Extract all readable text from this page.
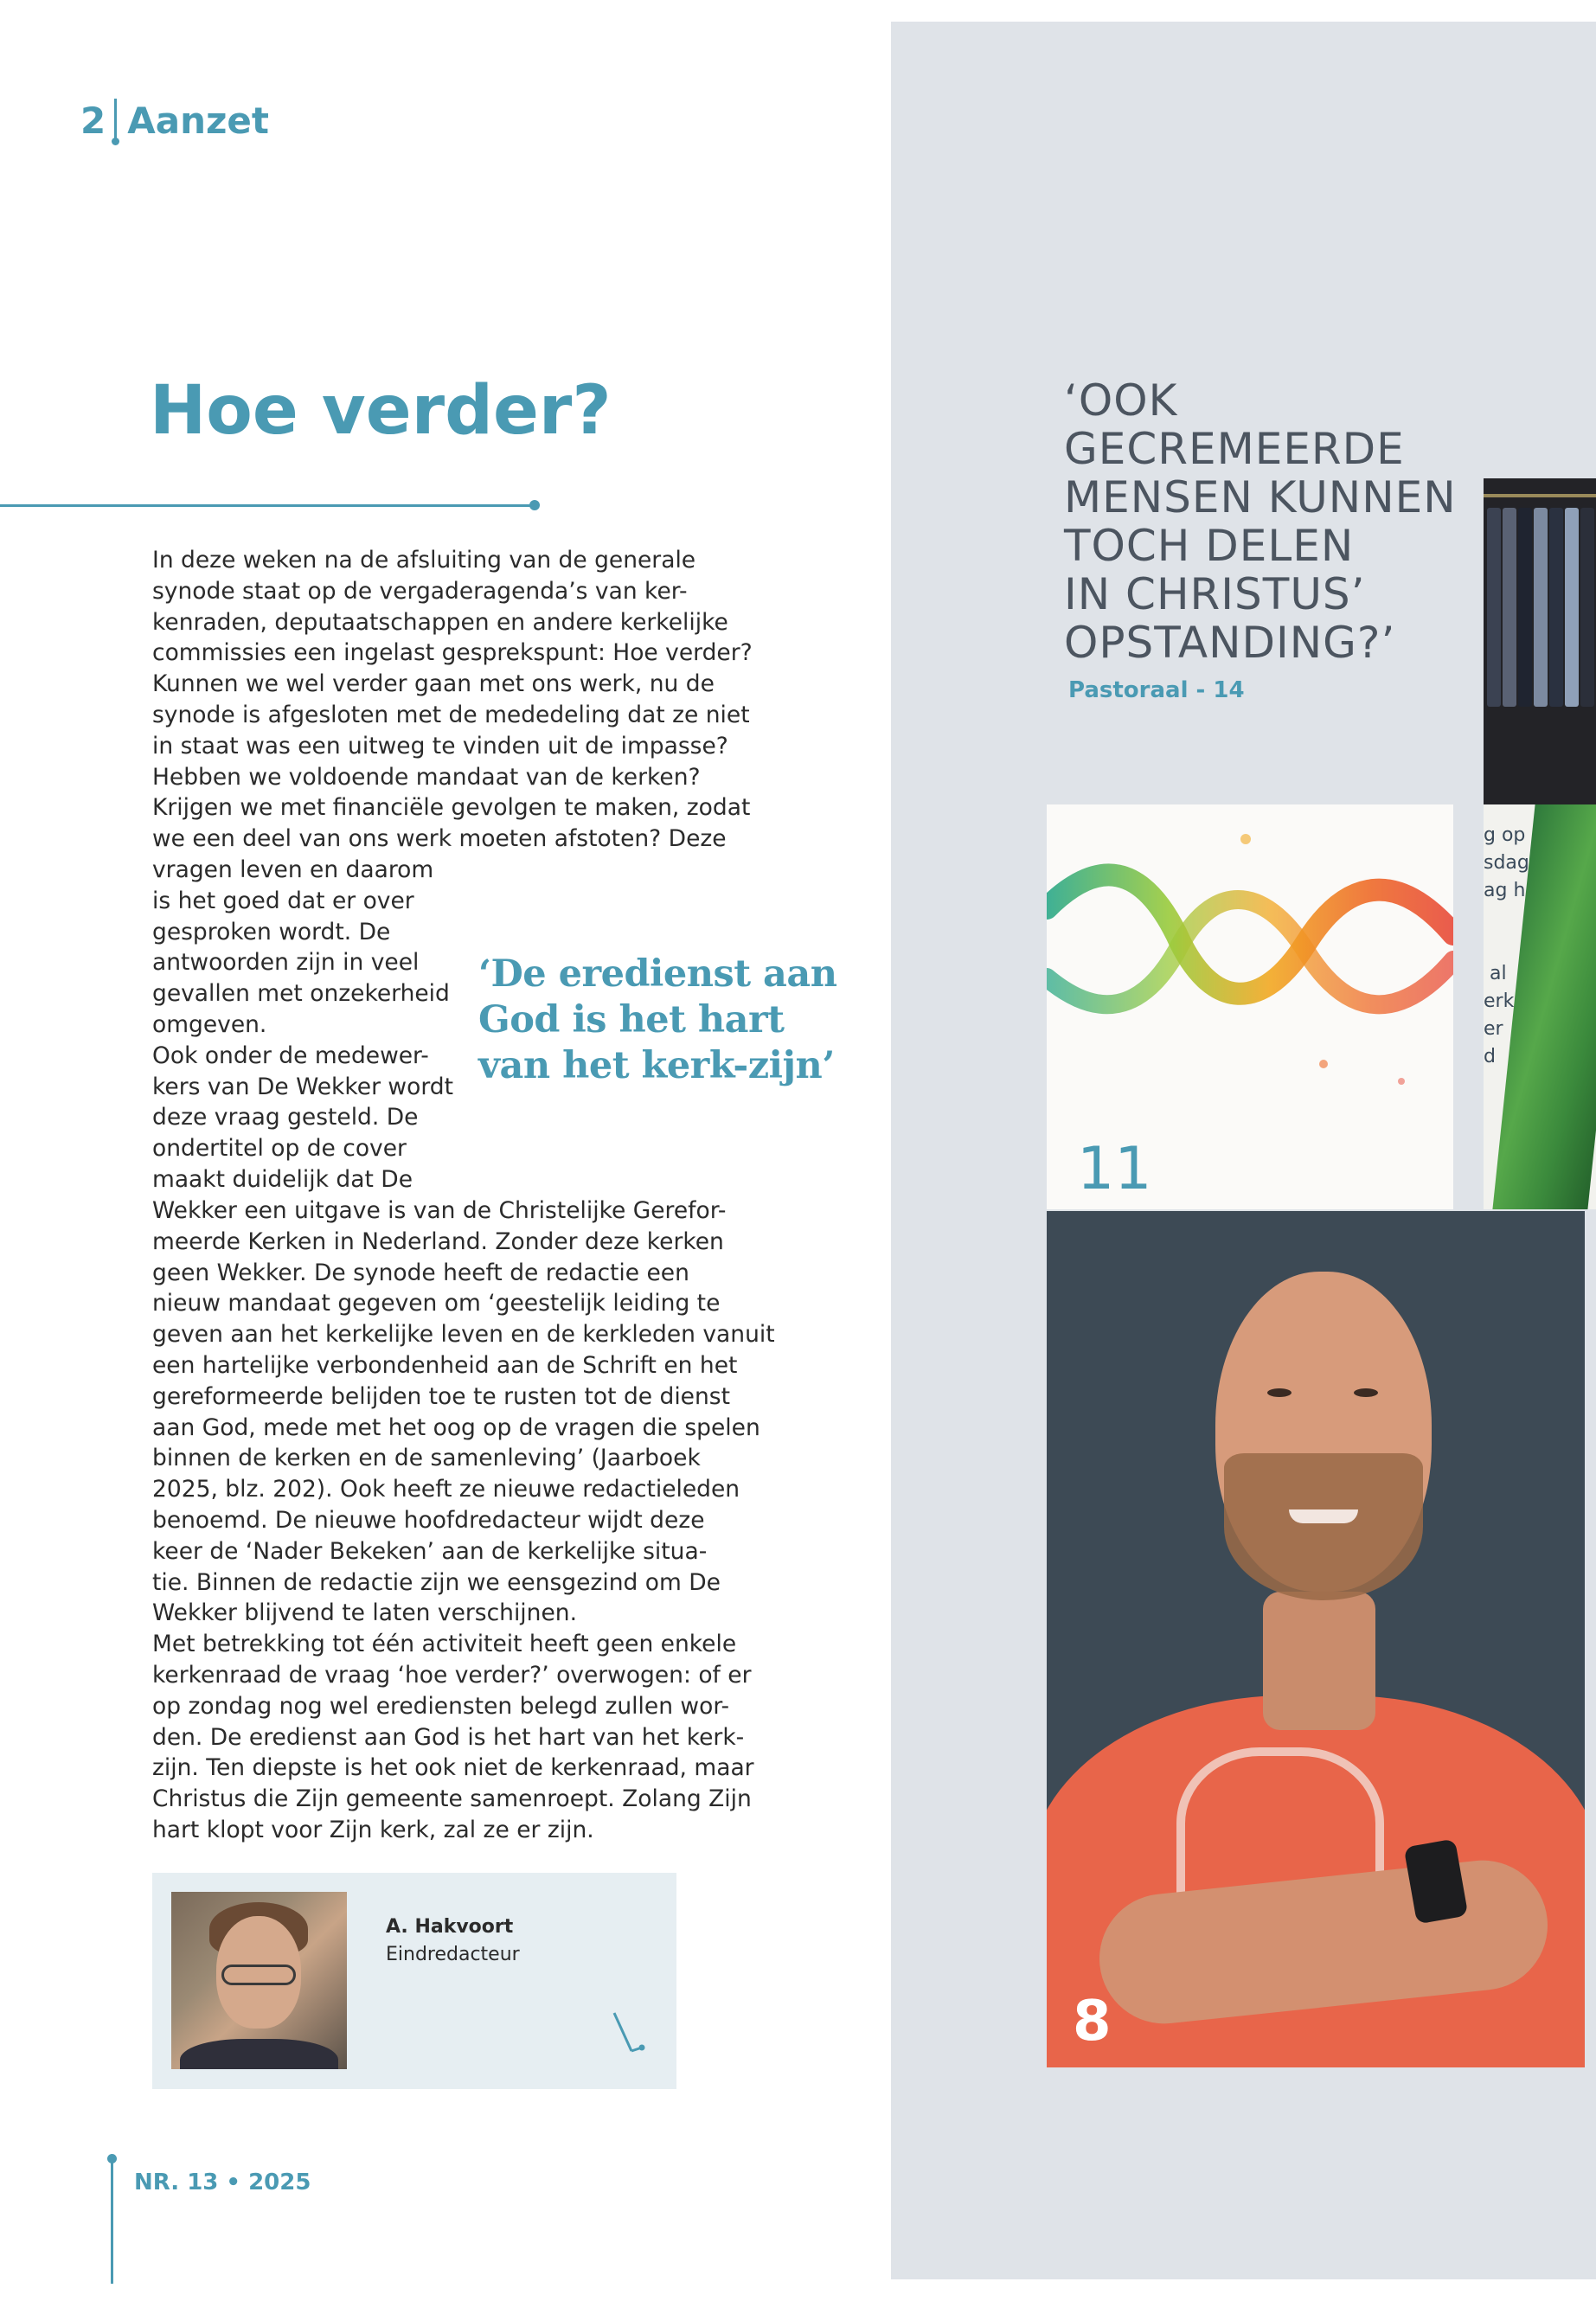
2 Aanzet
Hoe verder?

In deze weken na de afsluiting van de generale
synode staat op de vergaderagenda’s van ker-
kenraden, deputaatschappen en andere kerkelijke
commissies een ingelast gesprekspunt: Hoe verder?
Kunnen we wel verder gaan met ons werk, nu de
synode is afgesloten met de mededeling dat ze niet
in staat was een uitweg te vinden uit de impasse?
Hebben we voldoende mandaat van de kerken?
Krijgen we met financiële gevolgen te maken, zodat
we een deel van ons werk moeten afstoten? Deze

vragen leven en daarom
is het goed dat er over
gesproken wordt. De
antwoorden zijn in veel
gevallen met onzekerheid
omgeven.
Ook onder de medewer-
kers van De Wekker wordt
deze vraag gesteld. De
ondertitel op de cover
maakt duidelijk dat De

Wekker een uitgave is van de Christelijke Gerefor-
meerde Kerken in Nederland. Zonder deze kerken
geen Wekker. De synode heeft de redactie een
nieuw mandaat gegeven om ‘geestelijk leiding te
geven aan het kerkelijke leven en de kerkleden vanuit
een hartelijke verbondenheid aan de Schrift en het
gereformeerde belijden toe te rusten tot de dienst
aan God, mede met het oog op de vragen die spelen
binnen de kerken en de samenleving’ (Jaarboek
2025, blz. 202). Ook heeft ze nieuwe redactieleden
benoemd. De nieuwe hoofdredacteur wijdt deze
keer de ‘Nader Bekeken’ aan de kerkelijke situa-
tie. Binnen de redactie zijn we eensgezind om De
Wekker blijvend te laten verschijnen.
Met betrekking tot één activiteit heeft geen enkele
kerkenraad de vraag ‘hoe verder?’ overwogen: of er
op zondag nog wel erediensten belegd zullen wor-
den. De eredienst aan God is het hart van het kerk-
zijn. Ten diepste is het ook niet de kerkenraad, maar
Christus die Zijn gemeente samenroept. Zolang Zijn
hart klopt voor Zijn kerk, zal ze er zijn.

‘De eredienst aan
God is het hart
van het kerk-zijn’

A. Hakvoort
Eindredacteur
NR. 13 • 2025

‘OOK
GECREMEERDE
MENSEN KUNNEN
TOCH DELEN
IN CHRISTUS’
OPSTANDING?’

Pastoraal - 14
11
g op
sdag
ag h

al
erk
er
d
8
